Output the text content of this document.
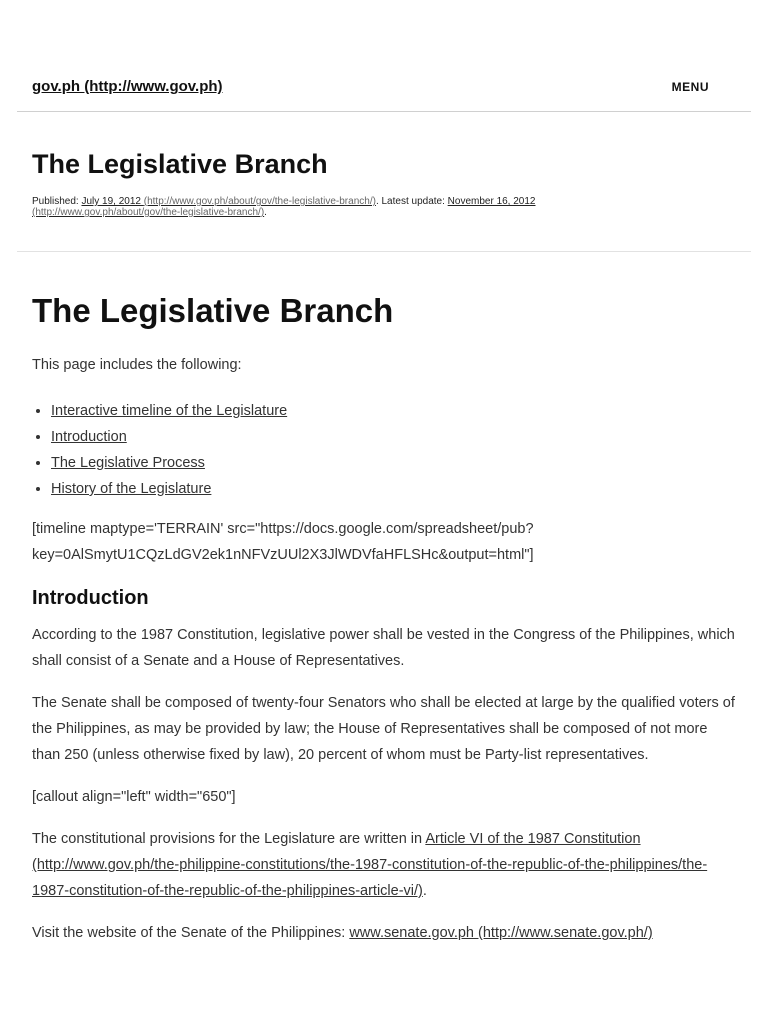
gov.ph (http://www.gov.ph)	MENU
The Legislative Branch
Published: July 19, 2012 (http://www.gov.ph/about/gov/the-legislative-branch/). Latest update: November 16, 2012 (http://www.gov.ph/about/gov/the-legislative-branch/).
The Legislative Branch

This page includes the following:

• Interactive timeline of the Legislature
• Introduction
• The Legislative Process
• History of the Legislature

[timeline maptype='TERRAIN' src="https://docs.google.com/spreadsheet/pub?key=0AlSmytU1CQzLdGV2ek1nNFVzUUl2X3JlWDVfaHFLSHc&output=html"]

Introduction

According to the 1987 Constitution, legislative power shall be vested in the Congress of the Philippines, which shall consist of a Senate and a House of Representatives.

The Senate shall be composed of twenty-four Senators who shall be elected at large by the qualified voters of the Philippines, as may be provided by law; the House of Representatives shall be composed of not more than 250 (unless otherwise fixed by law), 20 percent of whom must be Party-list representatives.

[callout align="left" width="650"]

The constitutional provisions for the Legislature are written in Article VI of the 1987 Constitution (http://www.gov.ph/the-philippine-constitutions/the-1987-constitution-of-the-republic-of-the-philippines/the-1987-constitution-of-the-republic-of-the-philippines-article-vi/).

Visit the website of the Senate of the Philippines: www.senate.gov.ph (http://www.senate.gov.ph/)
